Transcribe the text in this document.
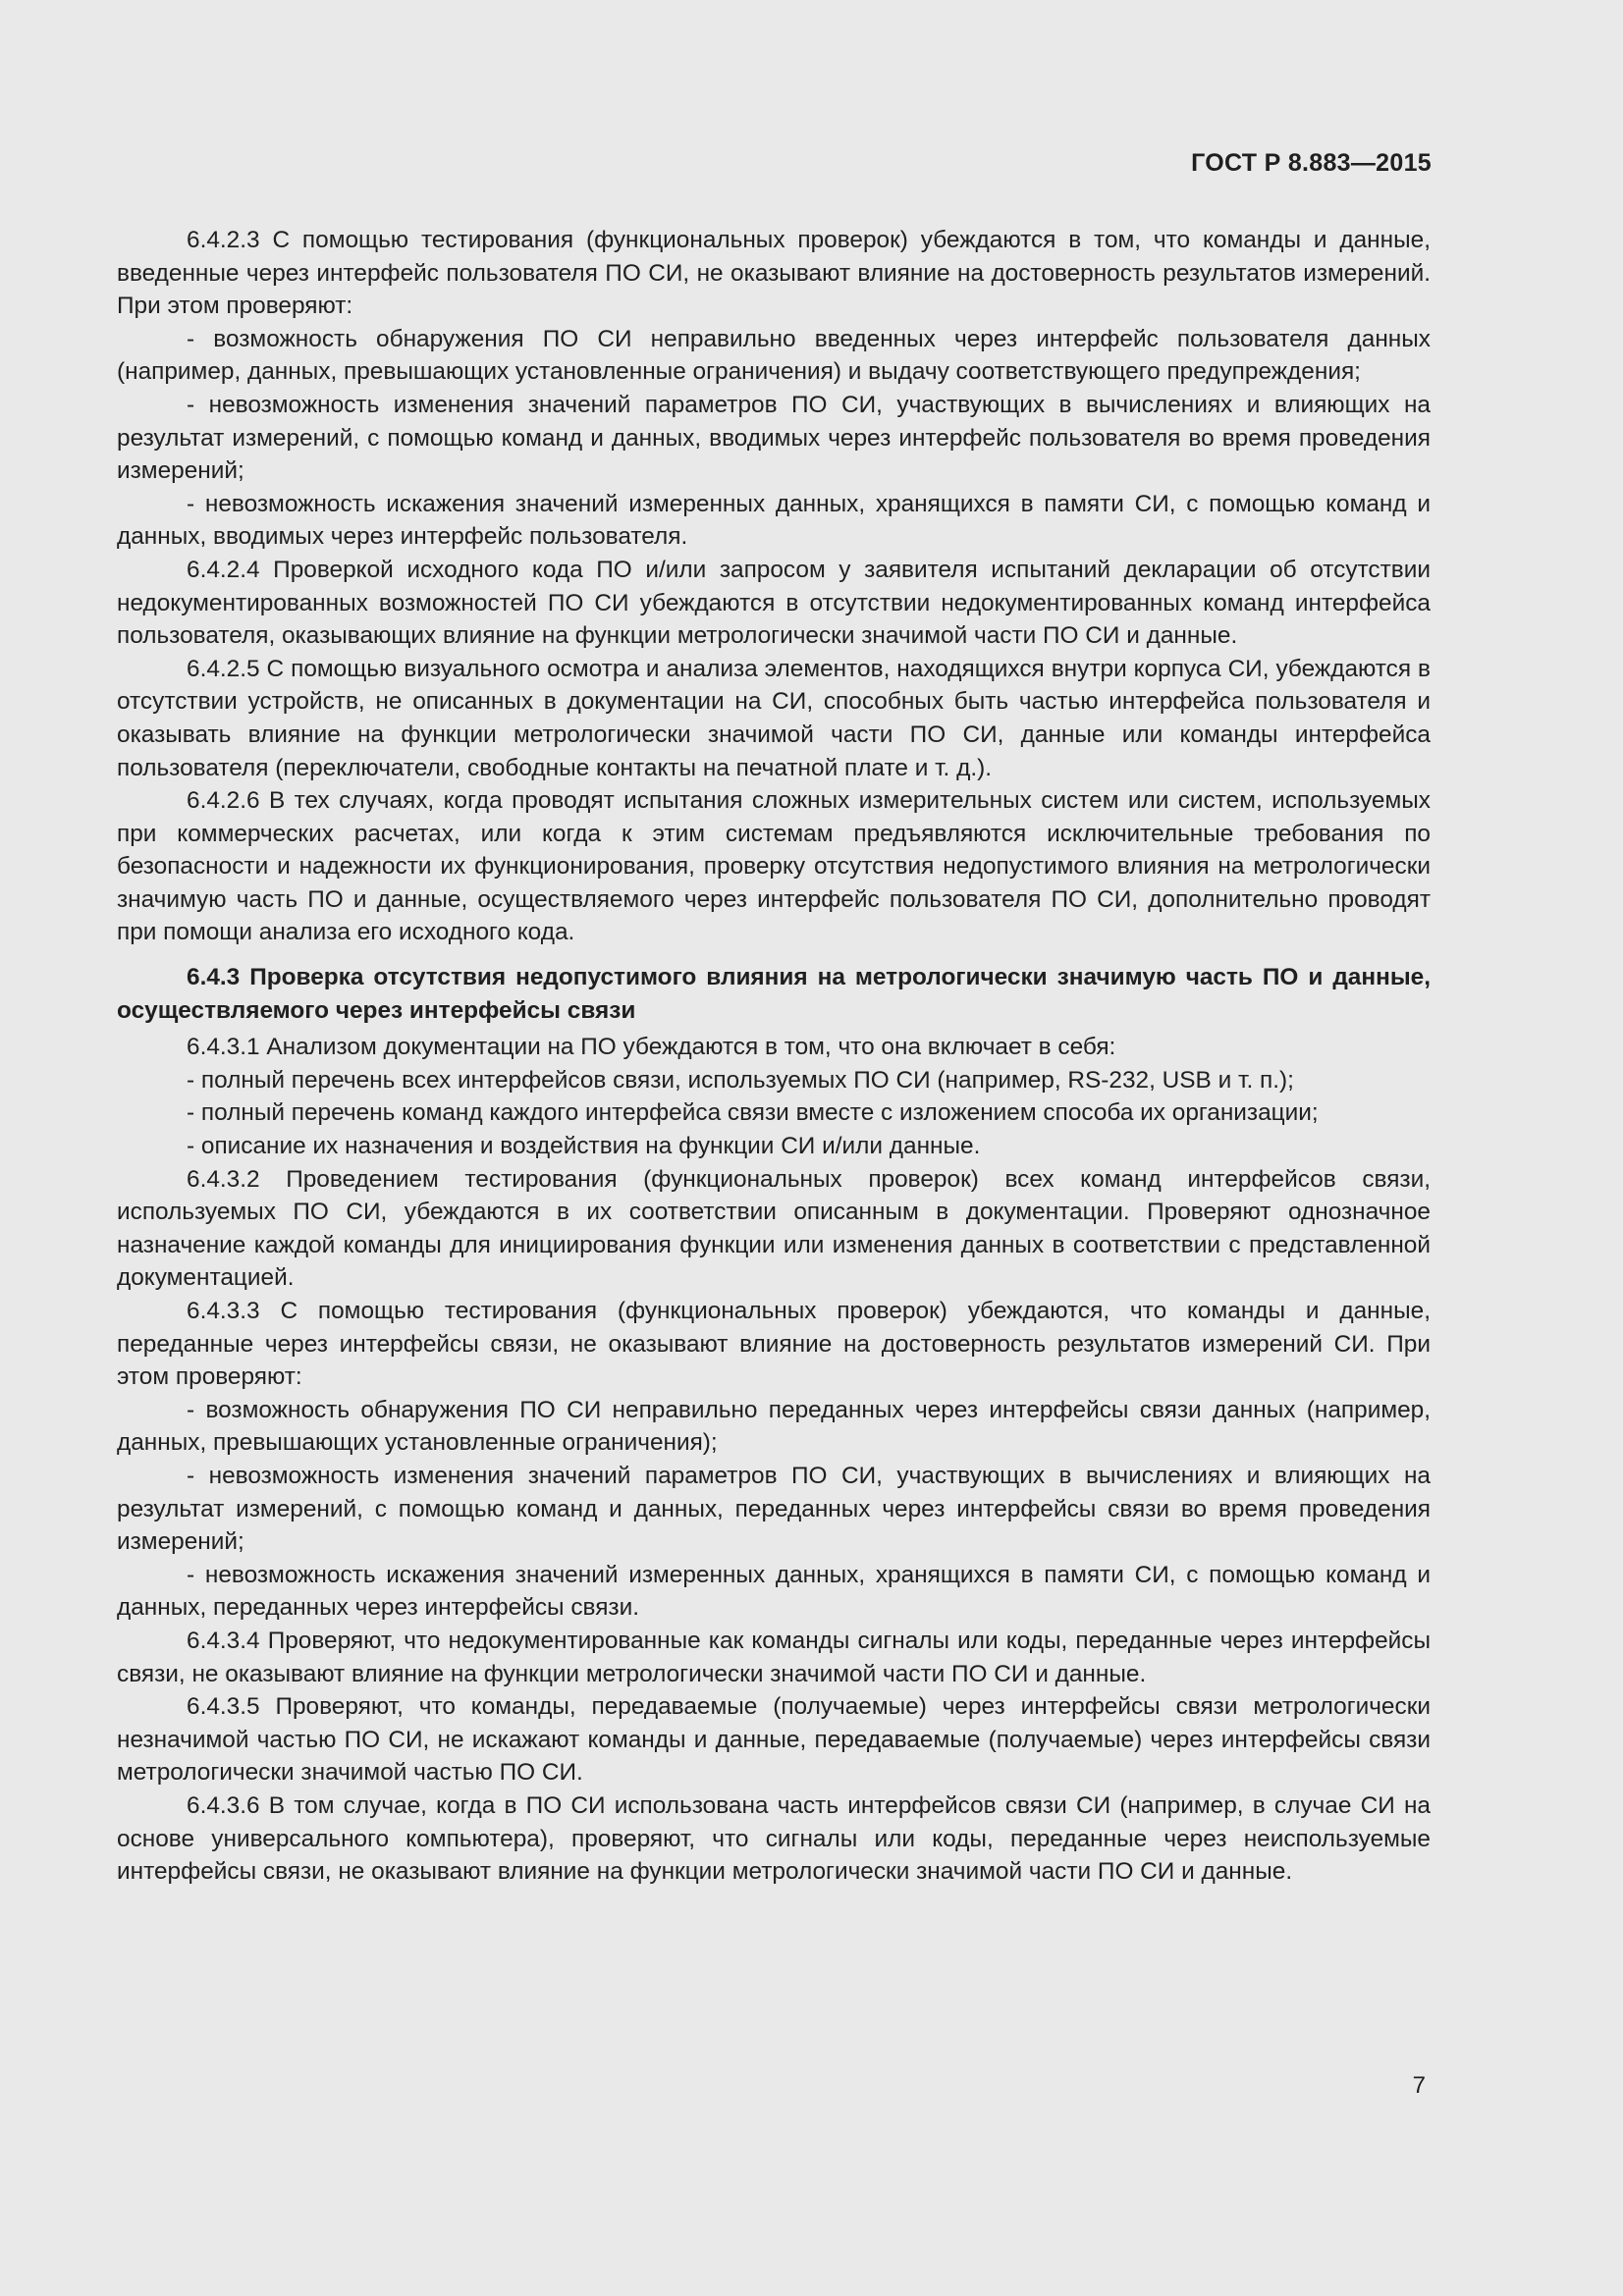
ГОСТ Р 8.883—2015

6.4.2.3 С помощью тестирования (функциональных проверок) убеждаются в том, что команды и данные, введенные через интерфейс пользователя ПО СИ, не оказывают влияние на достоверность результатов измерений. При этом проверяют:

- возможность обнаружения ПО СИ неправильно введенных через интерфейс пользователя данных (например, данных, превышающих установленные ограничения) и выдачу соответствующего предупреждения;

- невозможность изменения значений параметров ПО СИ, участвующих в вычислениях и влияющих на результат измерений, с помощью команд и данных, вводимых через интерфейс пользователя во время проведения измерений;

- невозможность искажения значений измеренных данных, хранящихся в памяти СИ, с помощью команд и данных, вводимых через интерфейс пользователя.

6.4.2.4 Проверкой исходного кода ПО и/или запросом у заявителя испытаний декларации об отсутствии недокументированных возможностей ПО СИ убеждаются в отсутствии недокументированных команд интерфейса пользователя, оказывающих влияние на функции метрологически значимой части ПО СИ и данные.

6.4.2.5 С помощью визуального осмотра и анализа элементов, находящихся внутри корпуса СИ, убеждаются в отсутствии устройств, не описанных в документации на СИ, способных быть частью интерфейса пользователя и оказывать влияние на функции метрологически значимой части ПО СИ, данные или команды интерфейса пользователя (переключатели, свободные контакты на печатной плате и т. д.).

6.4.2.6 В тех случаях, когда проводят испытания сложных измерительных систем или систем, используемых при коммерческих расчетах, или когда к этим системам предъявляются исключительные требования по безопасности и надежности их функционирования, проверку отсутствия недопустимого влияния на метрологически значимую часть ПО и данные, осуществляемого через интерфейс пользователя ПО СИ, дополнительно проводят при помощи анализа его исходного кода.

6.4.3 Проверка отсутствия недопустимого влияния на метрологически значимую часть ПО и данные, осуществляемого через интерфейсы связи

6.4.3.1 Анализом документации на ПО убеждаются в том, что она включает в себя:

- полный перечень всех интерфейсов связи, используемых ПО СИ (например, RS-232, USB и т. п.);

- полный перечень команд каждого интерфейса связи вместе с изложением способа их организации;

- описание их назначения и воздействия на функции СИ и/или данные.

6.4.3.2 Проведением тестирования (функциональных проверок) всех команд интерфейсов связи, используемых ПО СИ, убеждаются в их соответствии описанным в документации. Проверяют однозначное назначение каждой команды для инициирования функции или изменения данных в соответствии с представленной документацией.

6.4.3.3 С помощью тестирования (функциональных проверок) убеждаются, что команды и данные, переданные через интерфейсы связи, не оказывают влияние на достоверность результатов измерений СИ. При этом проверяют:

- возможность обнаружения ПО СИ неправильно переданных через интерфейсы связи данных (например, данных, превышающих установленные ограничения);

- невозможность изменения значений параметров ПО СИ, участвующих в вычислениях и влияющих на результат измерений, с помощью команд и данных, переданных через интерфейсы связи во время проведения измерений;

- невозможность искажения значений измеренных данных, хранящихся в памяти СИ, с помощью команд и данных, переданных через интерфейсы связи.

6.4.3.4 Проверяют, что недокументированные как команды сигналы или коды, переданные через интерфейсы связи, не оказывают влияние на функции метрологически значимой части ПО СИ и данные.

6.4.3.5 Проверяют, что команды, передаваемые (получаемые) через интерфейсы связи метрологически незначимой частью ПО СИ, не искажают команды и данные, передаваемые (получаемые) через интерфейсы связи метрологически значимой частью ПО СИ.

6.4.3.6 В том случае, когда в ПО СИ использована часть интерфейсов связи СИ (например, в случае СИ на основе универсального компьютера), проверяют, что сигналы или коды, переданные через неиспользуемые интерфейсы связи, не оказывают влияние на функции метрологически значимой части ПО СИ и данные.

7
